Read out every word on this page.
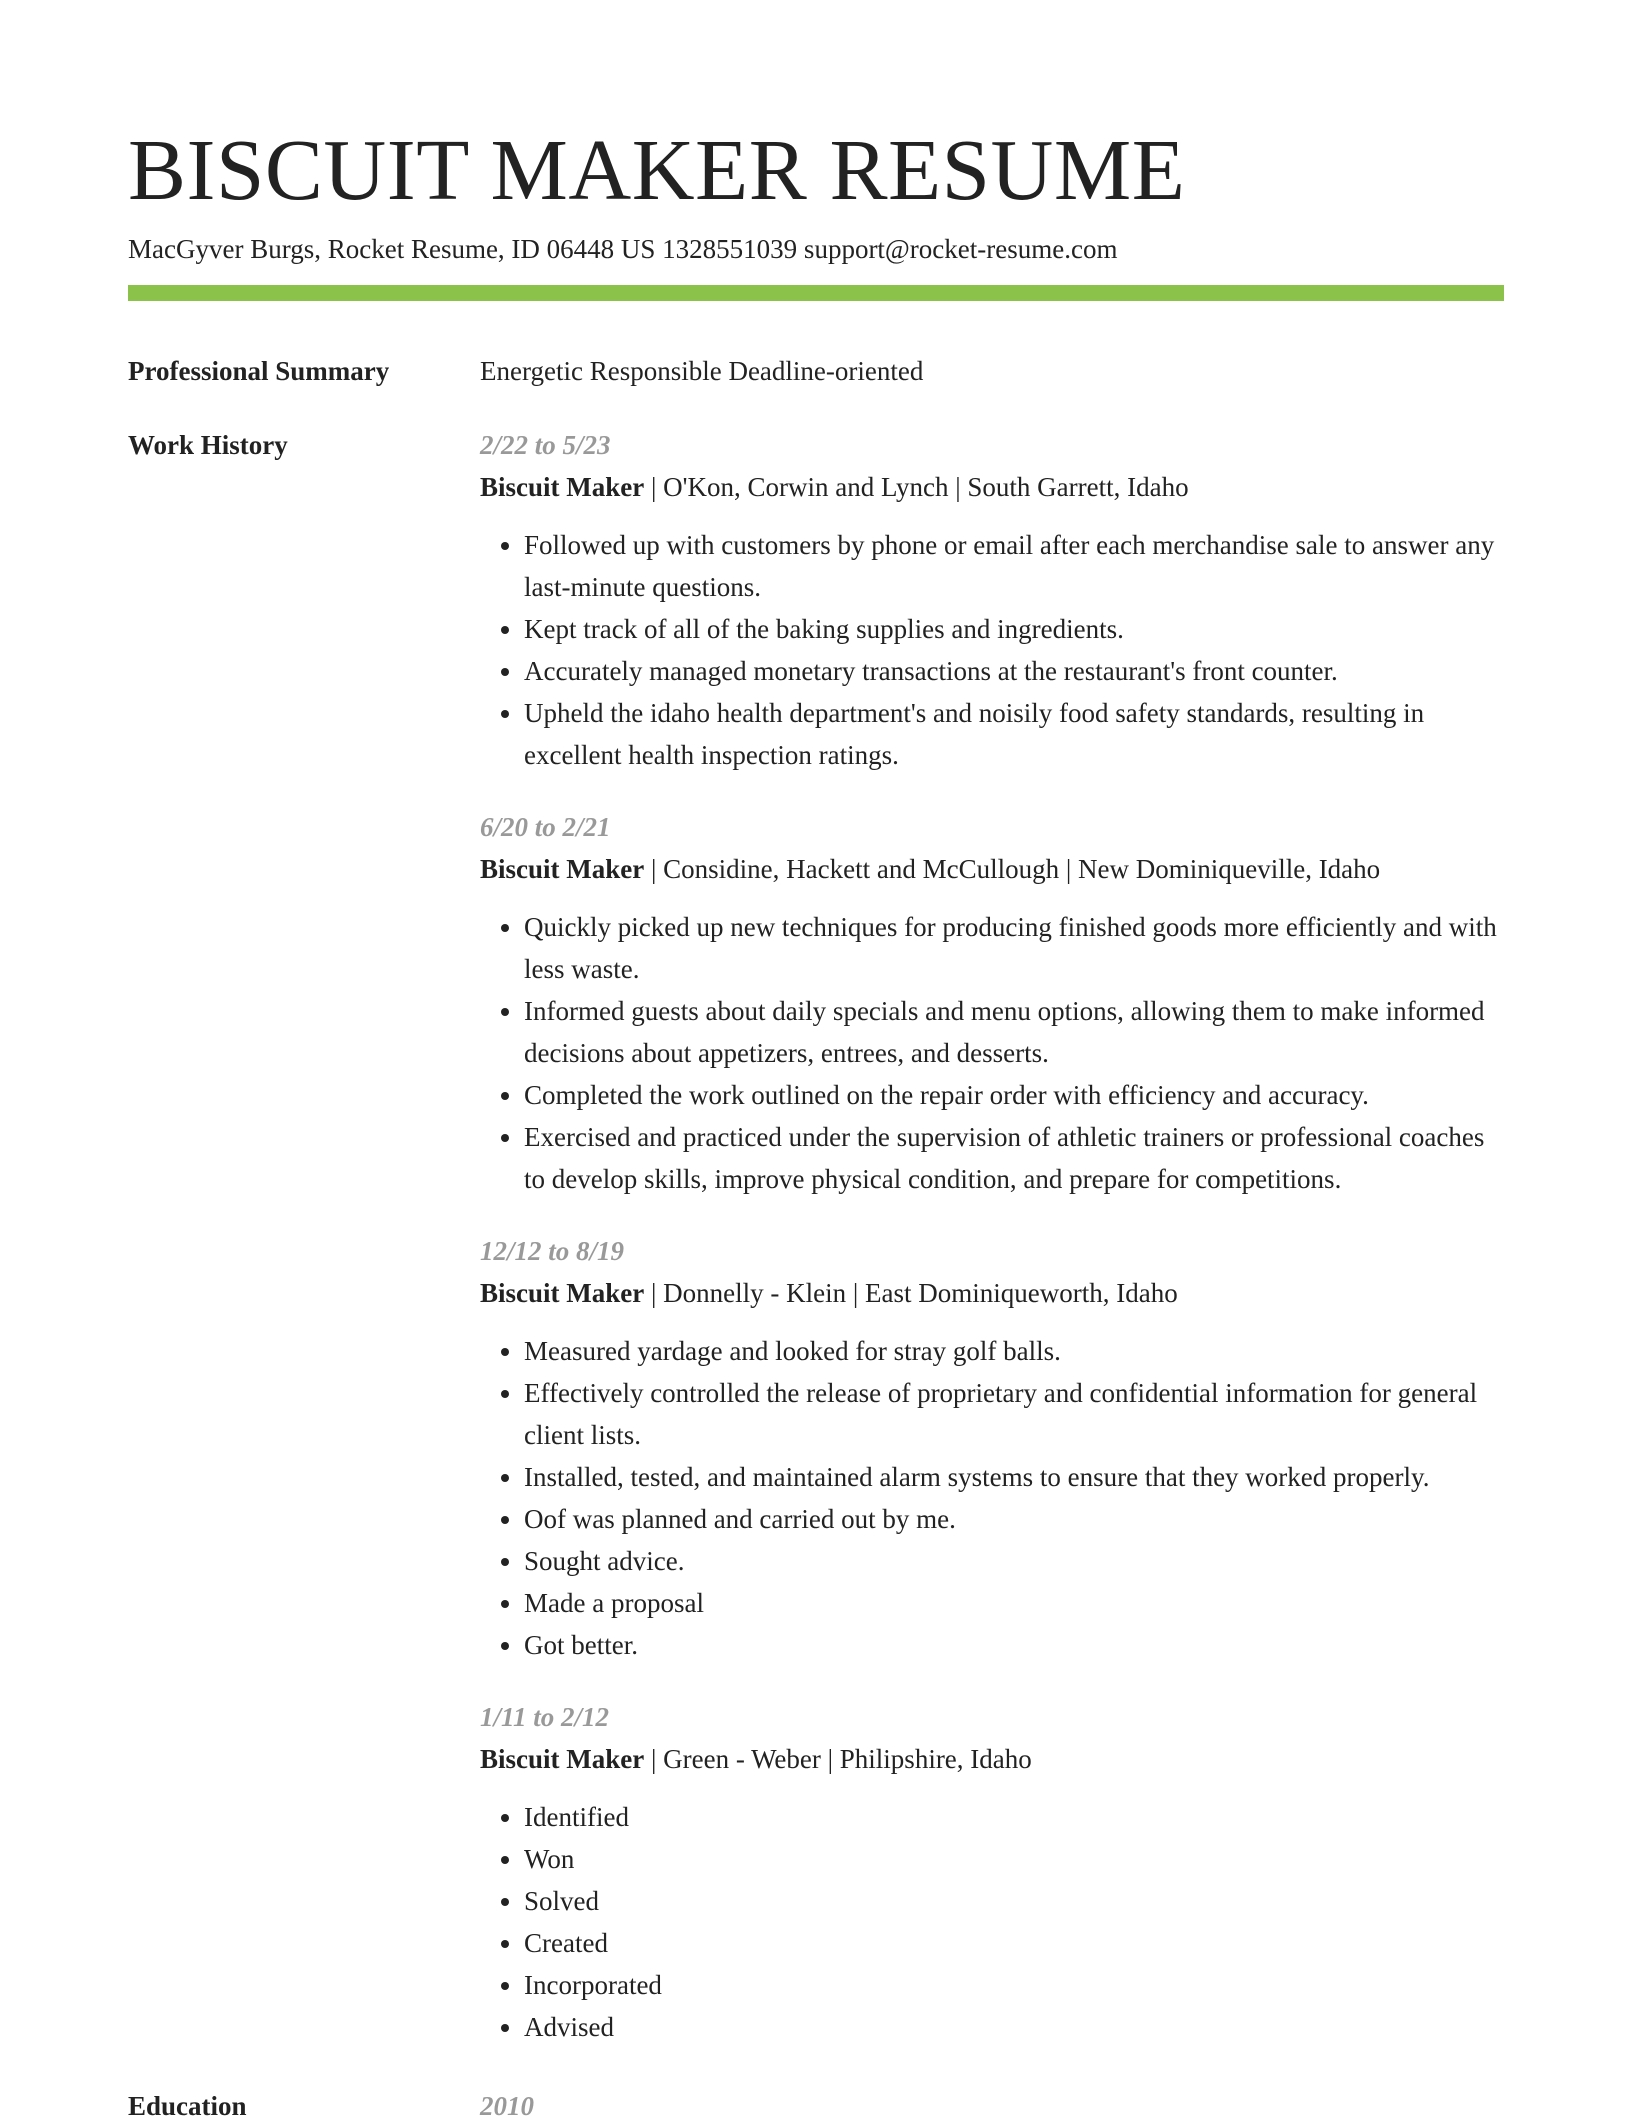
BISCUIT MAKER RESUME
MacGyver Burgs, Rocket Resume, ID 06448 US 1328551039 support@rocket-resume.com
Professional Summary	Energetic Responsible Deadline-oriented
Work History	2/22 to 5/23
Biscuit Maker | O'Kon, Corwin and Lynch | South Garrett, Idaho
• Followed up with customers by phone or email after each merchandise sale to answer any last-minute questions.
• Kept track of all of the baking supplies and ingredients.
• Accurately managed monetary transactions at the restaurant's front counter.
• Upheld the idaho health department's and noisily food safety standards, resulting in excellent health inspection ratings.
6/20 to 2/21
Biscuit Maker | Considine, Hackett and McCullough | New Dominiqueville, Idaho
• Quickly picked up new techniques for producing finished goods more efficiently and with less waste.
• Informed guests about daily specials and menu options, allowing them to make informed decisions about appetizers, entrees, and desserts.
• Completed the work outlined on the repair order with efficiency and accuracy.
• Exercised and practiced under the supervision of athletic trainers or professional coaches to develop skills, improve physical condition, and prepare for competitions.
12/12 to 8/19
Biscuit Maker | Donnelly - Klein | East Dominiqueworth, Idaho
• Measured yardage and looked for stray golf balls.
• Effectively controlled the release of proprietary and confidential information for general client lists.
• Installed, tested, and maintained alarm systems to ensure that they worked properly.
• Oof was planned and carried out by me.
• Sought advice.
• Made a proposal
• Got better.
1/11 to 2/12
Biscuit Maker | Green - Weber | Philipshire, Idaho
• Identified
• Won
• Solved
• Created
• Incorporated
• Advised
Education	2010
